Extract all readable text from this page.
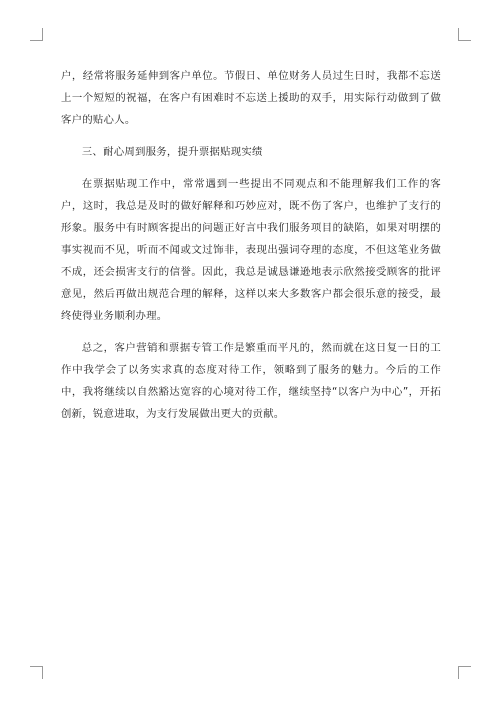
户，经常将服务延伸到客户单位。节假日、单位财务人员过生日时，我都不忘送上一个短短的祝福，在客户有困难时不忘送上援助的双手，用实际行动做到了做客户的贴心人。

三、耐心周到服务，提升票据贴现实绩

在票据贴现工作中，常常遇到一些提出不同观点和不能理解我们工作的客户，这时，我总是及时的做好解释和巧妙应对，既不伤了客户，也维护了支行的形象。服务中有时顾客提出的问题正好言中我们服务项目的缺陷，如果对明摆的事实视而不见，听而不闻或文过饰非，表现出强词夺理的态度，不但这笔业务做不成，还会损害支行的信誉。因此，我总是诚恳谦逊地表示欣然接受顾客的批评意见，然后再做出规范合理的解释，这样以来大多数客户都会很乐意的接受，最终使得业务顺利办理。

总之，客户营销和票据专管工作是繁重而平凡的，然而就在这日复一日的工作中我学会了以务实求真的态度对待工作，领略到了服务的魅力。今后的工作中，我将继续以自然豁达宽容的心境对待工作，继续坚持“以客户为中心”，开拓创新，锐意进取，为支行发展做出更大的贡献。
